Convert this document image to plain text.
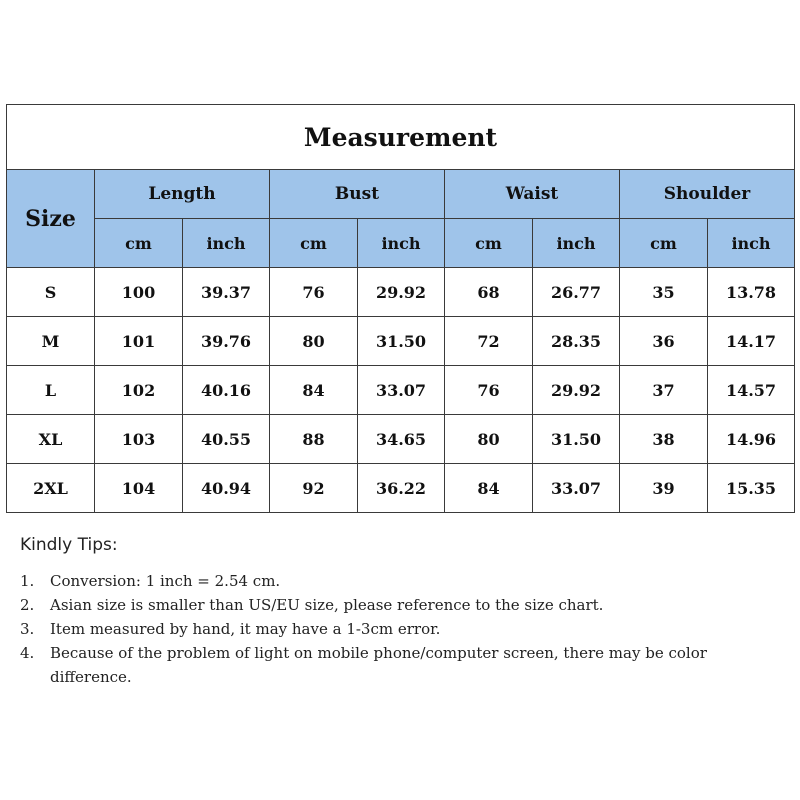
Measurement								
Size	Length		Bust		Waist		Shoulder	
	cm	inch	cm	inch	cm	inch	cm	inch
S	100	39.37	76	29.92	68	26.77	35	13.78
M	101	39.76	80	31.50	72	28.35	36	14.17
L	102	40.16	84	33.07	76	29.92	37	14.57
XL	103	40.55	88	34.65	80	31.50	38	14.96
2XL	104	40.94	92	36.22	84	33.07	39	15.35
Kindly Tips:
1.	Conversion: 1 inch = 2.54 cm.
2.	Asian size is smaller than US/EU size, please reference to the size chart.
3.	Item measured by hand, it may have a 1-3cm error.
4.	Because of the problem of light on mobile phone/computer screen, there may be color difference.
